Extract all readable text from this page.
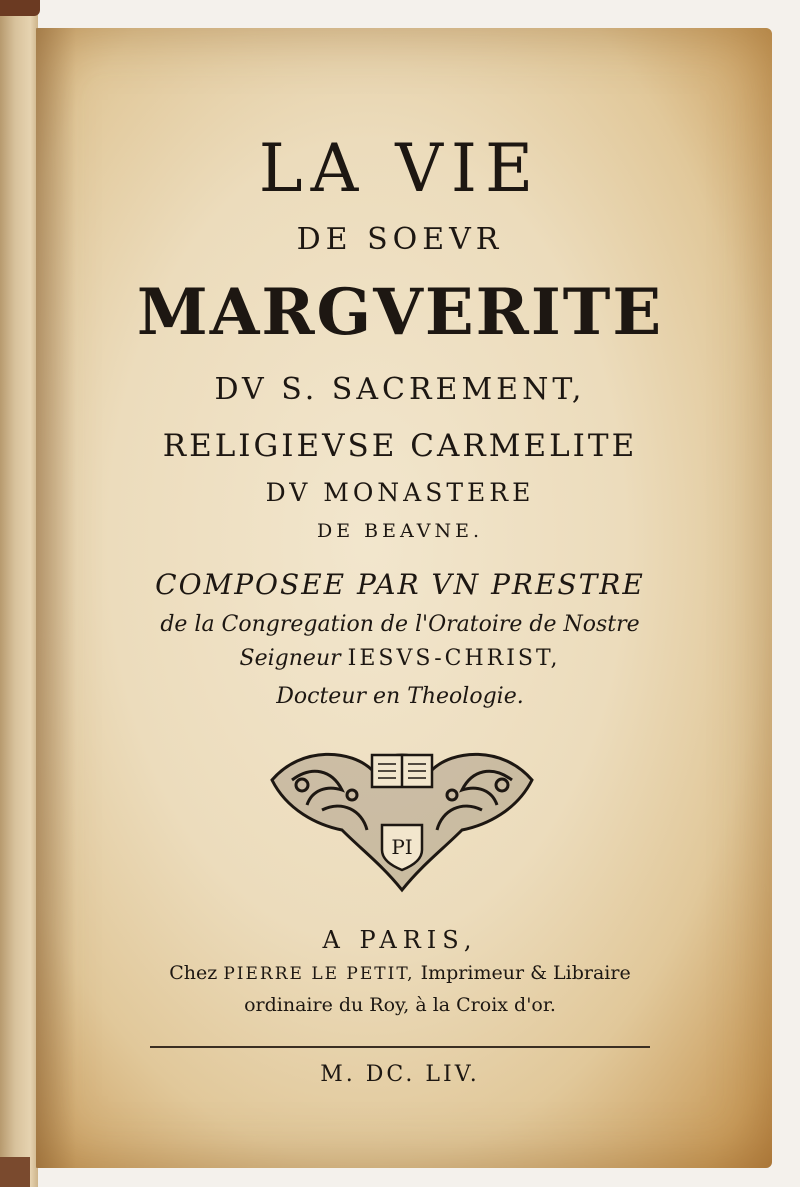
LA VIE
DE SOEVR
MARGVERITE
DV S. SACREMENT,
RELIGIEVSE CARMELITE
DV MONASTERE
DE BEAVNE.
COMPOSEE PAR VN PRESTRE
de la Congregation de l'Oratoire de Nostre
Seigneur IESVS-CHRIST,
Docteur en Theologie.
A PARIS,
Chez PIERRE LE PETIT, Imprimeur & Libraire
ordinaire du Roy, à la Croix d'or.
M. DC. LIV.
PI
